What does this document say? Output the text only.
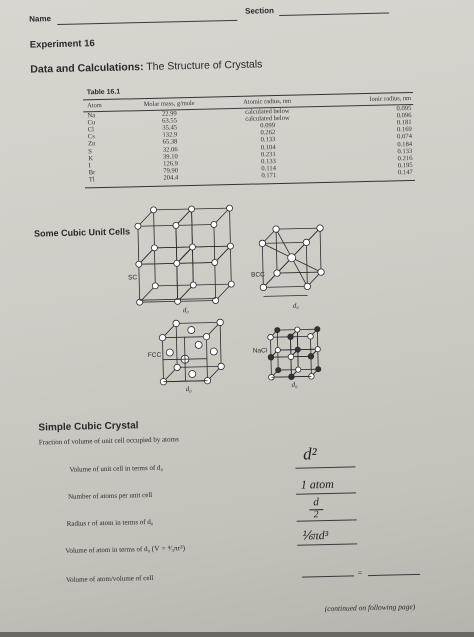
Name
Section
Experiment 16
Data and Calculations: The Structure of Crystals
Table 16.1
Atom	Molar mass, g/mole	Atomic radius, nm	Ionic radius, nm
Na	22.99	calculated below	0.095
Cu	63.55	calculated below	0.096
Cl	35.45	0.099	0.181
Cs	132.9	0.262	0.169
Zn	65.38	0.133	0.074
S	32.06	0.104	0.184
K	39.10	0.231	0.133
I	126.9	0.133	0.216
Br	79.90	0.114	0.195
Tl	204.4	0.171	0.147
Some Cubic Unit Cells
SC	BCC
d₀
d₀
FCC
NaCl
d₀
d₀
Simple Cubic Crystal
Fraction of volume of unit cell occupied by atoms
Volume of unit cell in terms of d₀
d²
Number of atoms per unit cell
1 atom
Radius r of atom in terms of d₀
d
2
Volume of atom in terms of d₀ (V = ⁴⁄₃πr³)
⅙πd³
Volume of atom/volume of cell
=
(continued on following page)
